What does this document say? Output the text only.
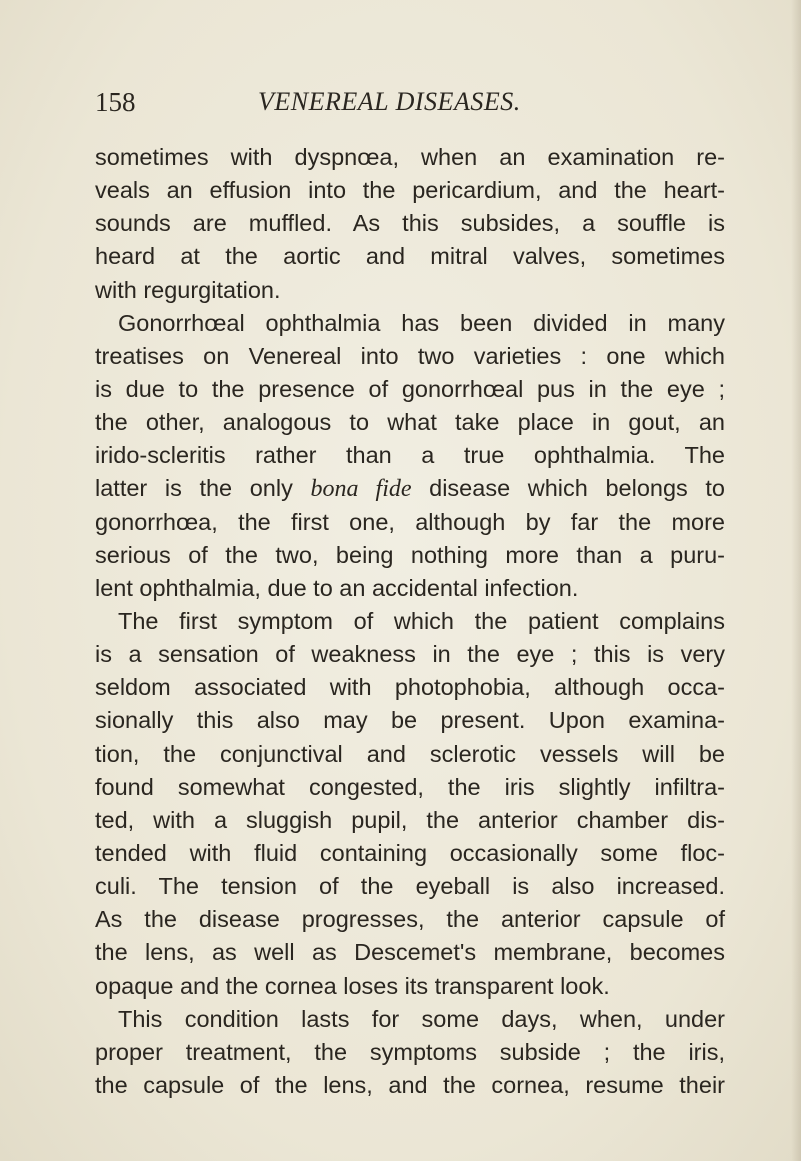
158	VENEREAL DISEASES.
sometimes with dyspnœa, when an examination re-
veals an effusion into the pericardium, and the heart-
sounds are muffled. As this subsides, a souffle is
heard at the aortic and mitral valves, sometimes
with regurgitation.
Gonorrhœal ophthalmia has been divided in many
treatises on Venereal into two varieties : one which
is due to the presence of gonorrhœal pus in the eye ;
the other, analogous to what take place in gout, an
irido-scleritis rather than a true ophthalmia. The
latter is the only bona fide disease which belongs to
gonorrhœa, the first one, although by far the more
serious of the two, being nothing more than a puru-
lent ophthalmia, due to an accidental infection.
The first symptom of which the patient complains
is a sensation of weakness in the eye ; this is very
seldom associated with photophobia, although occa-
sionally this also may be present. Upon examina-
tion, the conjunctival and sclerotic vessels will be
found somewhat congested, the iris slightly infiltra-
ted, with a sluggish pupil, the anterior chamber dis-
tended with fluid containing occasionally some floc-
culi. The tension of the eyeball is also increased.
As the disease progresses, the anterior capsule of
the lens, as well as Descemet's membrane, becomes
opaque and the cornea loses its transparent look.
This condition lasts for some days, when, under
proper treatment, the symptoms subside ; the iris,
the capsule of the lens, and the cornea, resume their
